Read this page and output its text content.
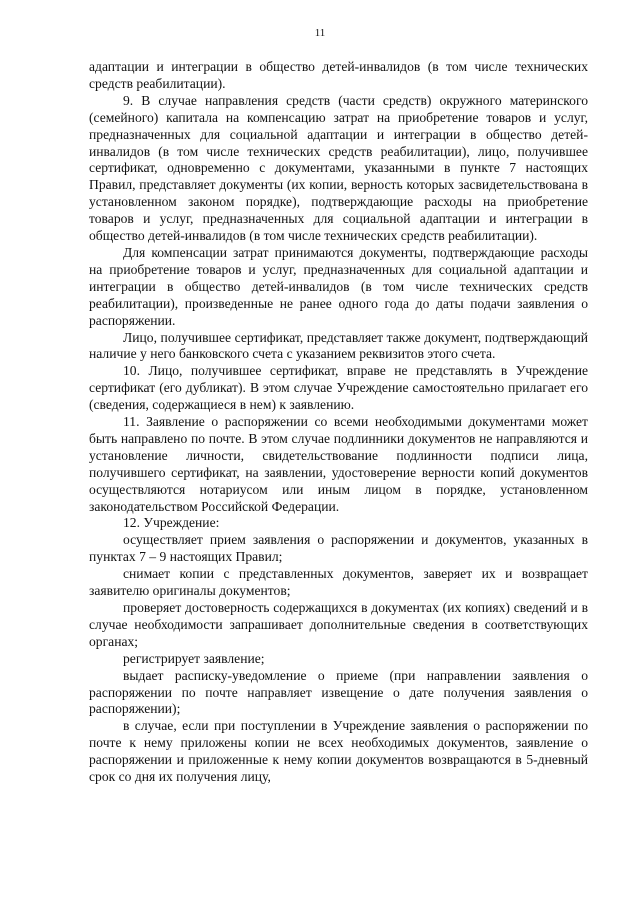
11

адаптации и интеграции в общество детей-инвалидов (в том числе технических средств реабилитации).

9. В случае направления средств (части средств) окружного материнского (семейного) капитала на компенсацию затрат на приобретение товаров и услуг, предназначенных для социальной адаптации и интеграции в общество детей-инвалидов (в том числе технических средств реабилитации), лицо, получившее сертификат, одновременно с документами, указанными в пункте 7 настоящих Правил, представляет документы (их копии, верность которых засвидетельствована в установленном законом порядке), подтверждающие расходы на приобретение товаров и услуг, предназначенных для социальной адаптации и интеграции в общество детей-инвалидов (в том числе технических средств реабилитации).

Для компенсации затрат принимаются документы, подтверждающие расходы на приобретение товаров и услуг, предназначенных для социальной адаптации и интеграции в общество детей-инвалидов (в том числе технических средств реабилитации), произведенные не ранее одного года до даты подачи заявления о распоряжении.

Лицо, получившее сертификат, представляет также документ, подтверждающий наличие у него банковского счета с указанием реквизитов этого счета.

10. Лицо, получившее сертификат, вправе не представлять в Учреждение сертификат (его дубликат). В этом случае Учреждение самостоятельно прилагает его (сведения, содержащиеся в нем) к заявлению.

11. Заявление о распоряжении со всеми необходимыми документами может быть направлено по почте. В этом случае подлинники документов не направляются и установление личности, свидетельствование подлинности подписи лица, получившего сертификат, на заявлении, удостоверение верности копий документов осуществляются нотариусом или иным лицом в порядке, установленном законодательством Российской Федерации.

12. Учреждение:

осуществляет прием заявления о распоряжении и документов, указанных в пунктах 7 – 9 настоящих Правил;

снимает копии с представленных документов, заверяет их и возвращает заявителю оригиналы документов;

проверяет достоверность содержащихся в документах (их копиях) сведений и в случае необходимости запрашивает дополнительные сведения в соответствующих органах;

регистрирует заявление;

выдает расписку-уведомление о приеме (при направлении заявления о распоряжении по почте направляет извещение о дате получения заявления о распоряжении);

в случае, если при поступлении в Учреждение заявления о распоряжении по почте к нему приложены копии не всех необходимых документов, заявление о распоряжении и приложенные к нему копии документов возвращаются в 5-дневный срок со дня их получения лицу,
